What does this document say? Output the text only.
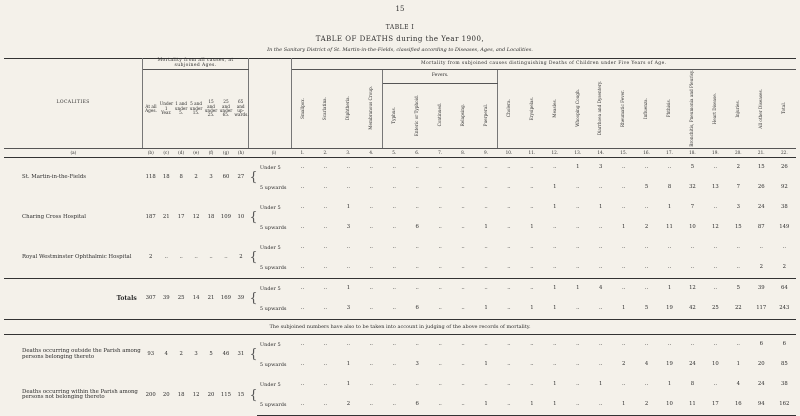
15
TABLE I
TABLE OF DEATHS during the Year 1900,
In the Sanitary District of St. Martin-in-the-Fields, classified according to Diseases, Ages, and Localities.
LOCALITIES	Mortality from all causes, at subjoined Ages.									Mortality from subjoined causes distinguishing Deaths of Children under Five Years of Age.																					
	At all Ages.	Under 1 Year.	1 and under 5.	5 and under 15.	15 and under 25.	25 and under 65.	65 and up-wards.			Smallpox.	Scarlatina.	Diphtheria.	Membranous Croup.	Fevers.					Cholera.	Erysipelas.	Measles.	Whooping Cough.	Diarrhoea and Dysentery.	Rheumatic Fever.	Influenza.	Phthisis.	Bronchitis, Pneumonia and Pleurisy.	Heart Disease.	Injuries.	All other Diseases.	Total.
														Typhus.	Enteric or Typhoid.	Continued.	Relapsing.	Puerperal.													
(a)	(b)	(c)	(d)	(e)	(f)	(g)	(h)		(i)	1.	2.	3.	4.	5.	6.	7.	8.	9.	10.	11.	12.	13.	14.	15.	16.	17.	18.	19.	20.	21.	22.
St. Martin-in-the-Fields	118	18	8	2	3	60	27	{	Under 5	..	..	..	..	..	..	..	..	..	..	..	..	1	3	..	..	..	5	..	2	15	26
									5 upwards	..	..	..	..	..	..	..	..	..	..	..	1	..	..	..	5	8	32	13	7	26	92
Charing Cross Hospital	187	21	17	12	18	109	10	{	Under 5	..	..	1	..	..	..	..	..	..	..	..	1	..	1	..	..	1	7	..	3	24	38
									5 upwards	..	..	3	..	..	6	..	..	1	..	1	..	..	..	1	2	11	10	12	15	87	149
Royal Westminster Ophthalmic Hospital	2	..	..	..	..	..	2	{	Under 5	..	..	..	..	..	..	..	..	..	..	..	..	..	..	..	..	..	..	..	..	..	..
									5 upwards	..	..	..	..	..	..	..	..	..	..	..	..	..	..	..	..	..	..	..	..	2	2
Totals	307	39	25	14	21	169	39	{	Under 5	..	..	1	..	..	..	..	..	..	..	..	1	1	4	..	..	1	12	..	5	39	64
									5 upwards	..	..	3	..	..	6	..	..	1	..	1	1	..	..	1	5	19	42	25	22	117	243
The subjoined numbers have also to be taken into account in judging of the above records of mortality.																															
Deaths occurring outside the Parish among persons belonging thereto	93	4	2	3	5	46	31	{	Under 5	..	..	..	..	..	..	..	..	..	..	..	..	..	..	..	..	..	..	..	..	6	6
									5 upwards	..	..	1	..	..	3	..	..	1	..	..	..	..	..	2	4	19	24	10	1	20	85
Deaths occurring within the Parish among persons not belonging thereto	200	20	18	12	20	115	15	{	Under 5	..	..	1	..	..	..	..	..	..	..	..	1	..	1	..	..	1	8	..	4	24	38
									5 upwards	..	..	2	..	..	6	..	..	1	..	1	1	..	..	1	2	10	11	17	16	94	162
